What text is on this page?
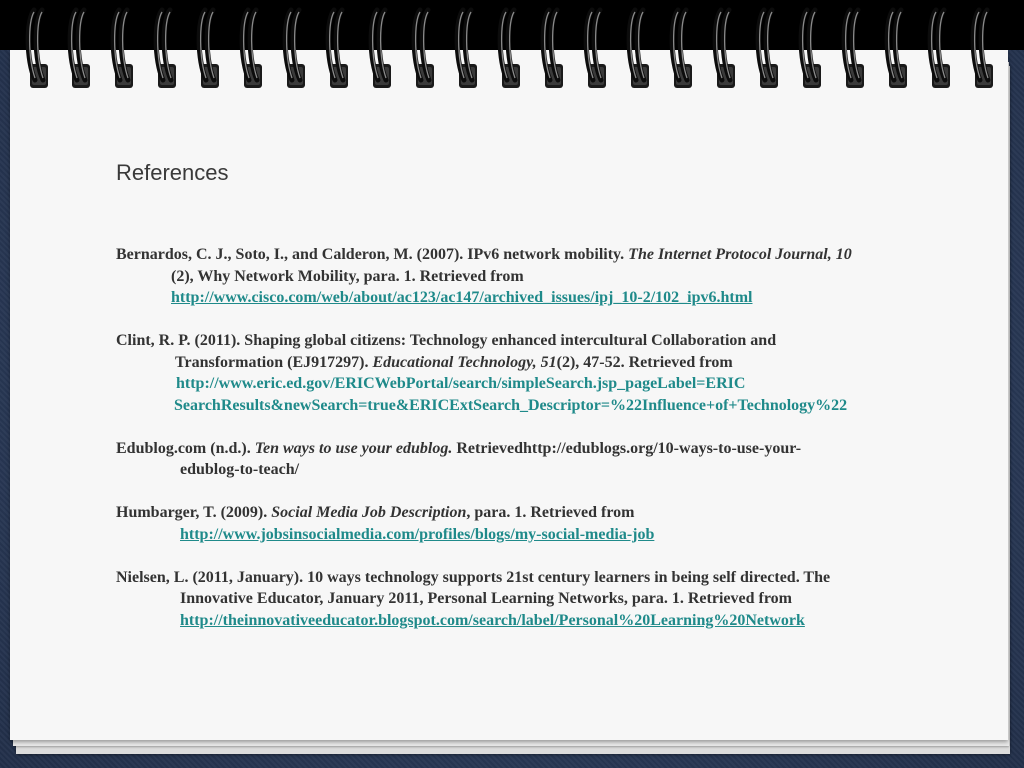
References

Bernardos, C. J., Soto, I., and Calderon, M. (2007). IPv6 network mobility. The Internet Protocol Journal, 10
(2), Why Network Mobility, para. 1. Retrieved from
http://www.cisco.com/web/about/ac123/ac147/archived_issues/ipj_10-2/102_ipv6.html

Clint, R. P. (2011). Shaping global citizens: Technology enhanced intercultural Collaboration and
Transformation (EJ917297). Educational Technology, 51(2), 47-52. Retrieved from
http://www.eric.ed.gov/ERICWebPortal/search/simpleSearch.jsp_pageLabel=ERIC
SearchResults&newSearch=true&ERICExtSearch_Descriptor=%22Influence+of+Technology%22

Edublog.com (n.d.). Ten ways to use your edublog. Retrievedhttp://edublogs.org/10-ways-to-use-your-
edublog-to-teach/

Humbarger, T. (2009). Social Media Job Description, para. 1. Retrieved from
http://www.jobsinsocialmedia.com/profiles/blogs/my-social-media-job

Nielsen, L. (2011, January). 10 ways technology supports 21st century learners in being self directed. The
Innovative Educator, January 2011, Personal Learning Networks, para. 1. Retrieved from
http://theinnovativeeducator.blogspot.com/search/label/Personal%20Learning%20Network
